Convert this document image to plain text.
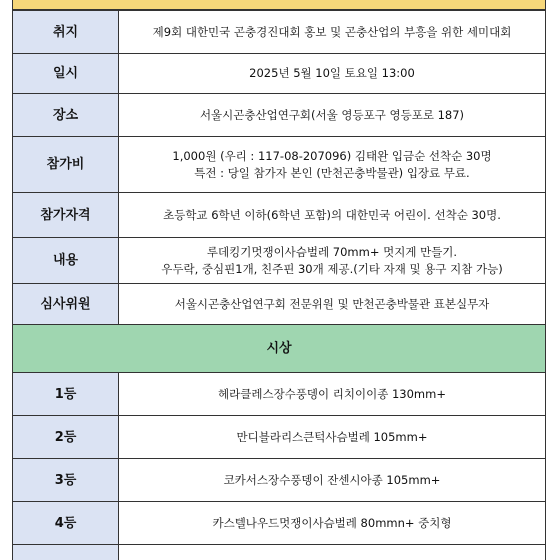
취지	제9회 대한민국 곤충경진대회 홍보 및 곤충산업의 부흥을 위한 세미대회

일시	2025년 5월 10일 토요일 13:00

장소	서울시곤충산업연구회(서울 영등포구 영등포로 187)

참가비	1,000원 (우리 : 117-08-207096) 김태완 입금순 선착순 30명
특전 : 당일 참가자 본인 (만천곤충박물관) 입장료 무료.

참가자격	초등학교 6학년 이하(6학년 포함)의 대한민국 어린이. 선착순 30명.

내용	루데킹기멋쟁이사슴벌레 70mm+ 멋지게 만들기.
우두락, 중심핀1개, 친주핀 30개 제공.(기타 자재 및 용구 지참 가능)

심사위원	서울시곤충산업연구회 전문위원 및 만천곤충박물관 표본실무자

시상	
1등	헤라클레스장수풍뎅이 리치이이종 130mm+
2등	만디블라리스큰턱사슴벌레 105mm+
3등	코카서스장수풍뎅이 잔센시아종 105mm+
4등	카스텔나우드멋쟁이사슴벌레 80mmn+ 중치형
